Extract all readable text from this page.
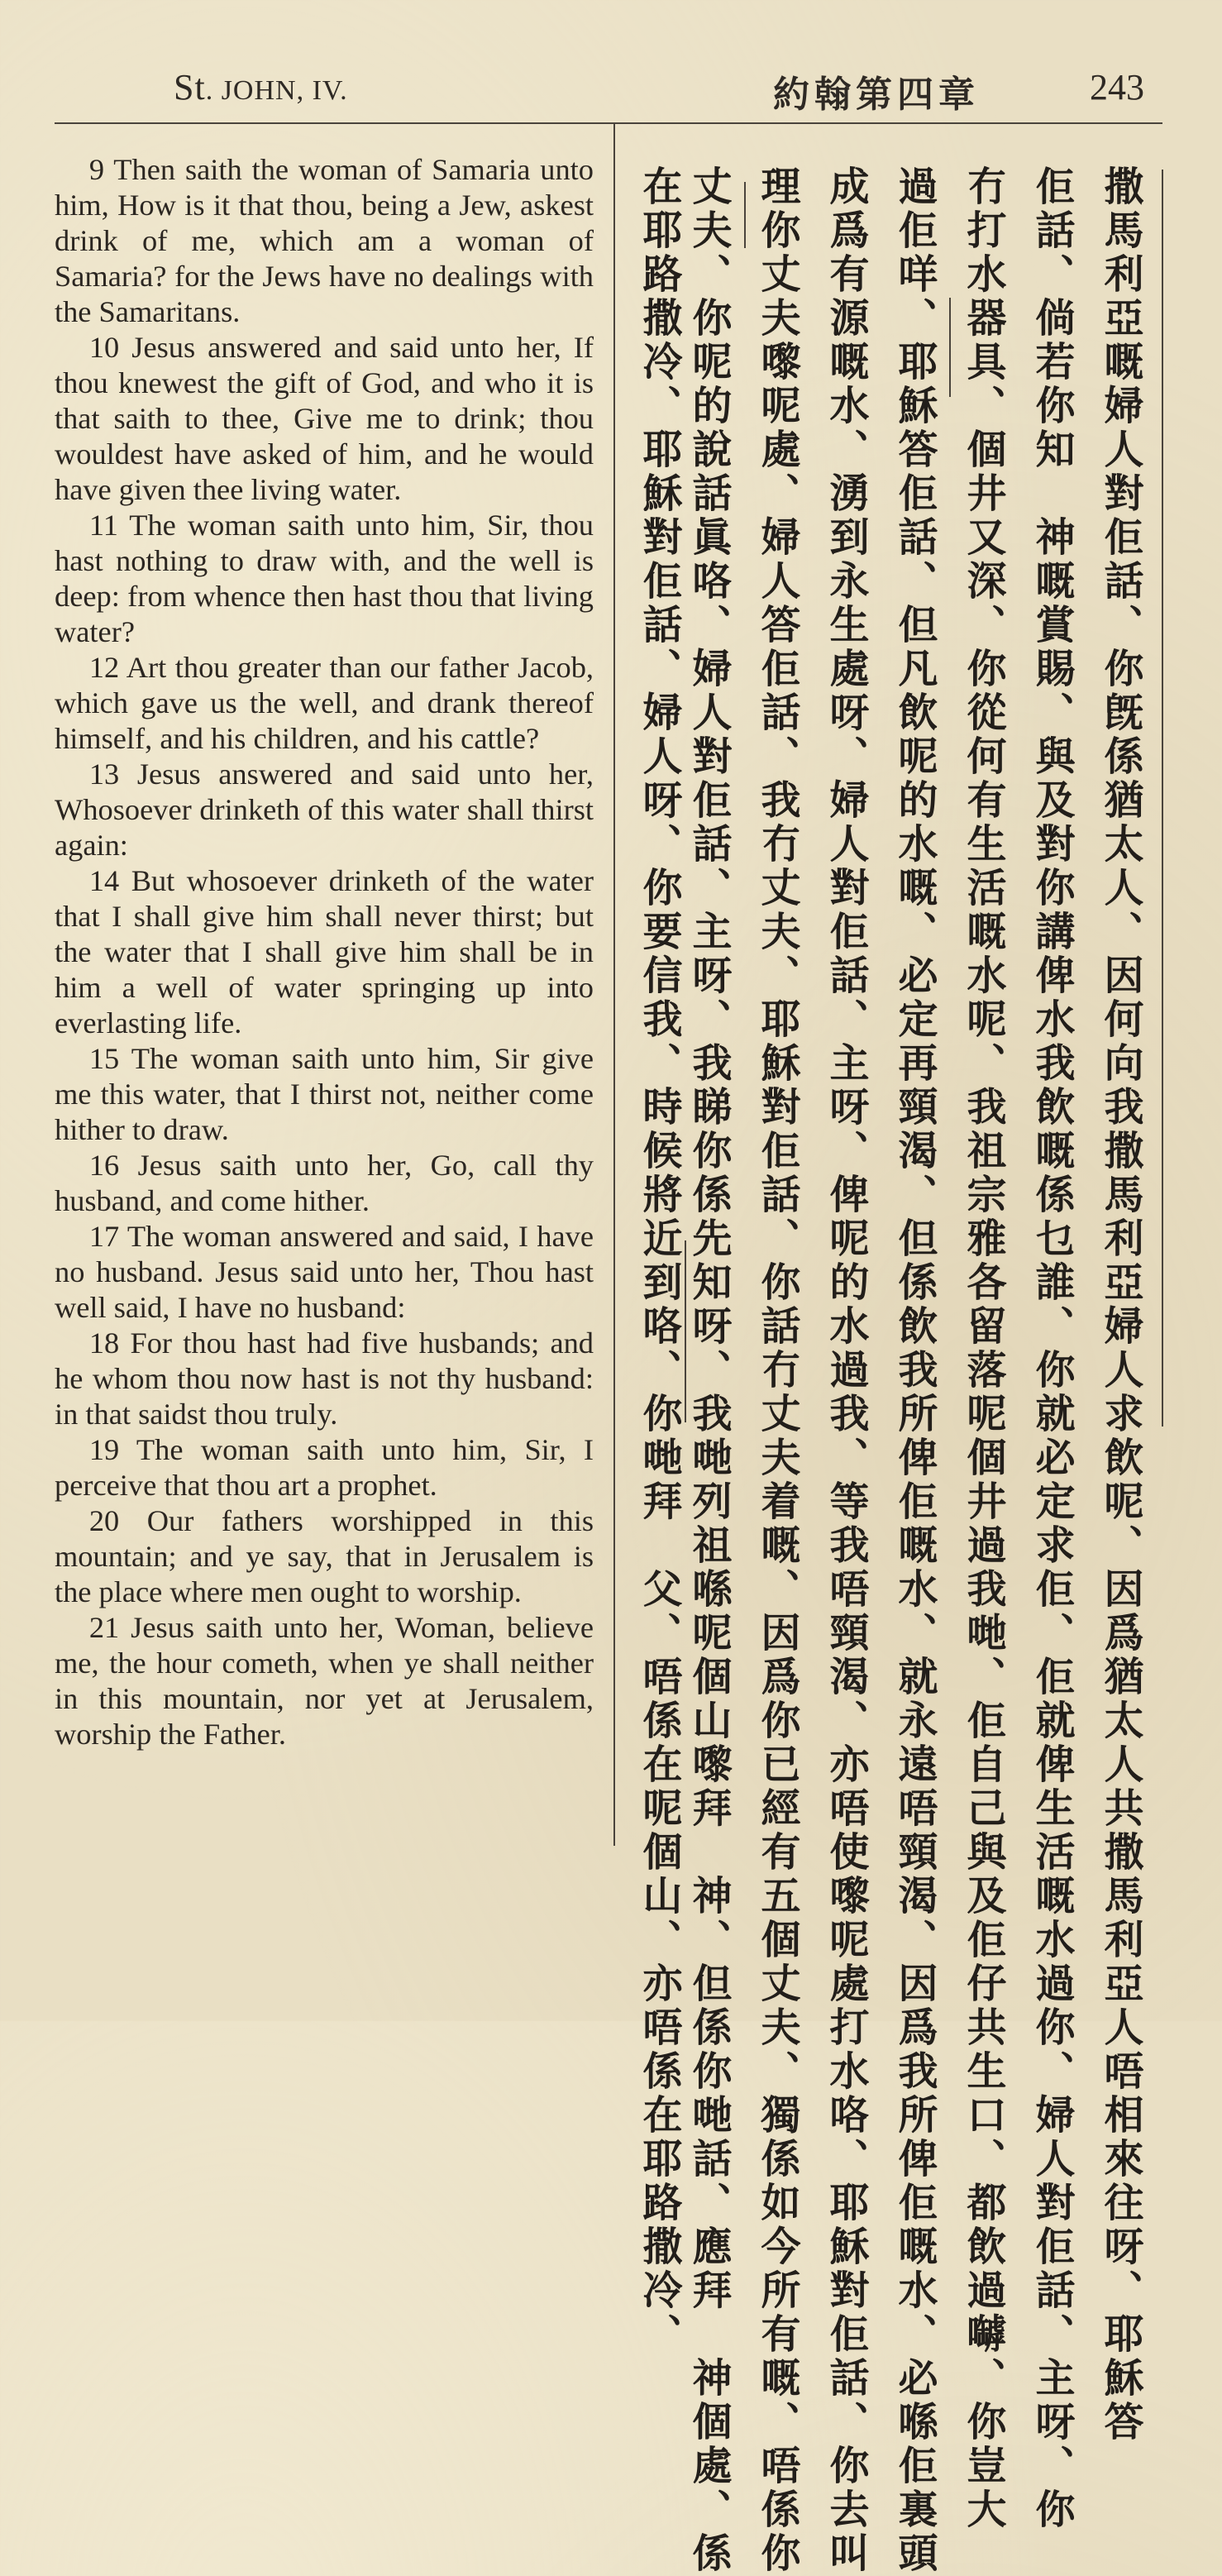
St. JOHN, IV.	約翰第四章	243

9 Then saith the woman of Samaria unto him, How is it that thou, being a Jew, askest drink of me, which am a woman of Samaria? for the Jews have no dealings with the Samaritans.

10 Jesus answered and said unto her, If thou knewest the gift of God, and who it is that saith to thee, Give me to drink; thou wouldest have asked of him, and he would have given thee living water.

11 The woman saith unto him, Sir, thou hast nothing to draw with, and the well is deep: from whence then hast thou that living water?

12 Art thou greater than our father Jacob, which gave us the well, and drank thereof himself, and his children, and his cattle?

13 Jesus answered and said unto her, Whosoever drinketh of this water shall thirst again:

14 But whosoever drinketh of the water that I shall give him shall never thirst; but the water that I shall give him shall be in him a well of water springing up into everlasting life.

15 The woman saith unto him, Sir give me this water, that I thirst not, neither come hither to draw.

16 Jesus saith unto her, Go, call thy husband, and come hither.

17 The woman answered and said, I have no husband. Jesus said unto her, Thou hast well said, I have no husband:

18 For thou hast had five husbands; and he whom thou now hast is not thy husband: in that saidst thou truly.

19 The woman saith unto him, Sir, I perceive that thou art a prophet.

20 Our fathers worshipped in this mountain; and ye say, that in Jerusalem is the place where men ought to worship.

21 Jesus saith unto her, Woman, believe me, the hour cometh, when ye shall neither in this mountain, nor yet at Jerusalem, worship the Father.	撒馬利亞嘅婦人對佢話、你旣係猶太人、因何向我撒馬利亞婦人求飲呢、因爲猶太人共撒馬利亞人唔相來往呀、耶穌答
佢話、倘若你知　神嘅賞賜、與及對你講俾水我飲嘅係乜誰、你就必定求佢、佢就俾生活嘅水過你、婦人對佢話、主呀、你
冇打水器具、個井又深、你從何有生活嘅水呢、我祖宗雅各留落呢個井過我哋、佢自己與及佢仔共生口、都飲過嚹、你豈大
過佢咩、耶穌答佢話、但凡飲呢的水嘅、必定再頸渴、但係飲我所俾佢嘅水、就永遠唔頸渴、因爲我所俾佢嘅水、必喺佢裏頭
成爲有源嘅水、湧到永生處呀、婦人對佢話、主呀、俾呢的水過我、等我唔頸渴、亦唔使嚟呢處打水咯、耶穌對佢話、你去叫
理你丈夫嚟呢處、婦人答佢話、我冇丈夫、耶穌對佢話、你話冇丈夫着嘅、因爲你已經有五個丈夫、獨係如今所有嘅、唔係你
丈夫、你呢的說話眞咯、婦人對佢話、主呀、我睇你係先知呀、我哋列祖喺呢個山嚟拜　神、但係你哋話、應拜　神個處、係
在耶路撒冷、耶穌對佢話、婦人呀、你要信我、時候將近到咯、你哋拜　父、唔係在呢個山、亦唔係在耶路撒冷、
